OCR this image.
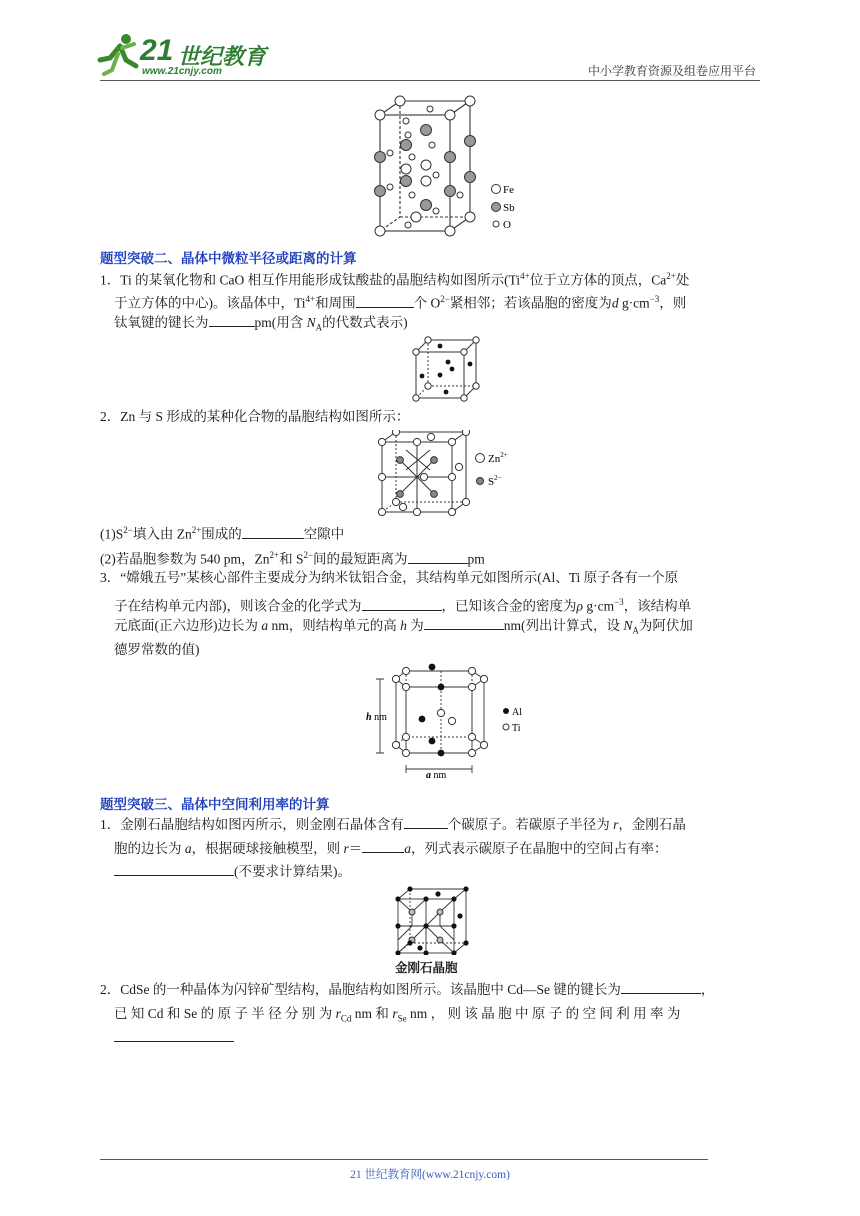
21 世纪教育
www.21cnjy.com	中小学教育资源及组卷应用平台
Fe
Sb
O
题型突破二、晶体中微粒半径或距离的计算
1．Ti 的某氧化物和 CaO 相互作用能形成钛酸盐的晶胞结构如图所示($Ti^{4+}$位于立方体的顶点，$Ca^{2+}$处
于立方体的中心)。该晶体中，$Ti^{4+}$和周围	个 $O^{2-}$紧相邻；若该晶胞的密度为d $g\cdot cm^{-3}$，则
钛氧键的键长为	pm(用含 $N_A$的代数式表示)
2．Zn 与 S 形成的某种化合物的晶胞结构如图所示：
$Zn^{2+}$
$S^{2-}$
$(1)S^{2-}$填入由 $Zn^{2+}$围成的	空隙中
(2)若晶胞参数为 540 pm，$Zn^{2+}$和 $S^{2-}$间的最短距离为	pm
3．“嫦娥五号”某核心部件主要成分为纳米钛铝合金，其结构单元如图所示(Al、Ti 原子各有一个原
子在结构单元内部)，则该合金的化学式为	，已知该合金的密度为ρ $g\cdot cm^{-3}$，该结构单
元底面(正六边形)边长为 a nm，则结构单元的高 h 为	nm(列出计算式，设 $N_A$为阿伏加
德罗常数的值)
h nm
a nm
Al
Ti
题型突破三、晶体中空间利用率的计算
1．金刚石晶胞结构如图丙所示，则金刚石晶体含有	个碳原子。若碳原子半径为 r，金刚石晶
胞的边长为 a，根据硬球接触模型，则 r＝	a，列式表示碳原子在晶胞中的空间占有率：
(不要求计算结果)。
金刚石晶胞
2．CdSe 的一种晶体为闪锌矿型结构，晶胞结构如图所示。该晶胞中 Cd—Se 键的键长为	，
已 知 Cd 和 Se 的 原 子 半 径 分 别 为 $r_{Cd}$ nm 和 $r_{Se}$ nm ， 则 该 晶 胞 中 原 子 的 空 间 利 用 率 为
21 世纪教育网(www.21cnjy.com)
